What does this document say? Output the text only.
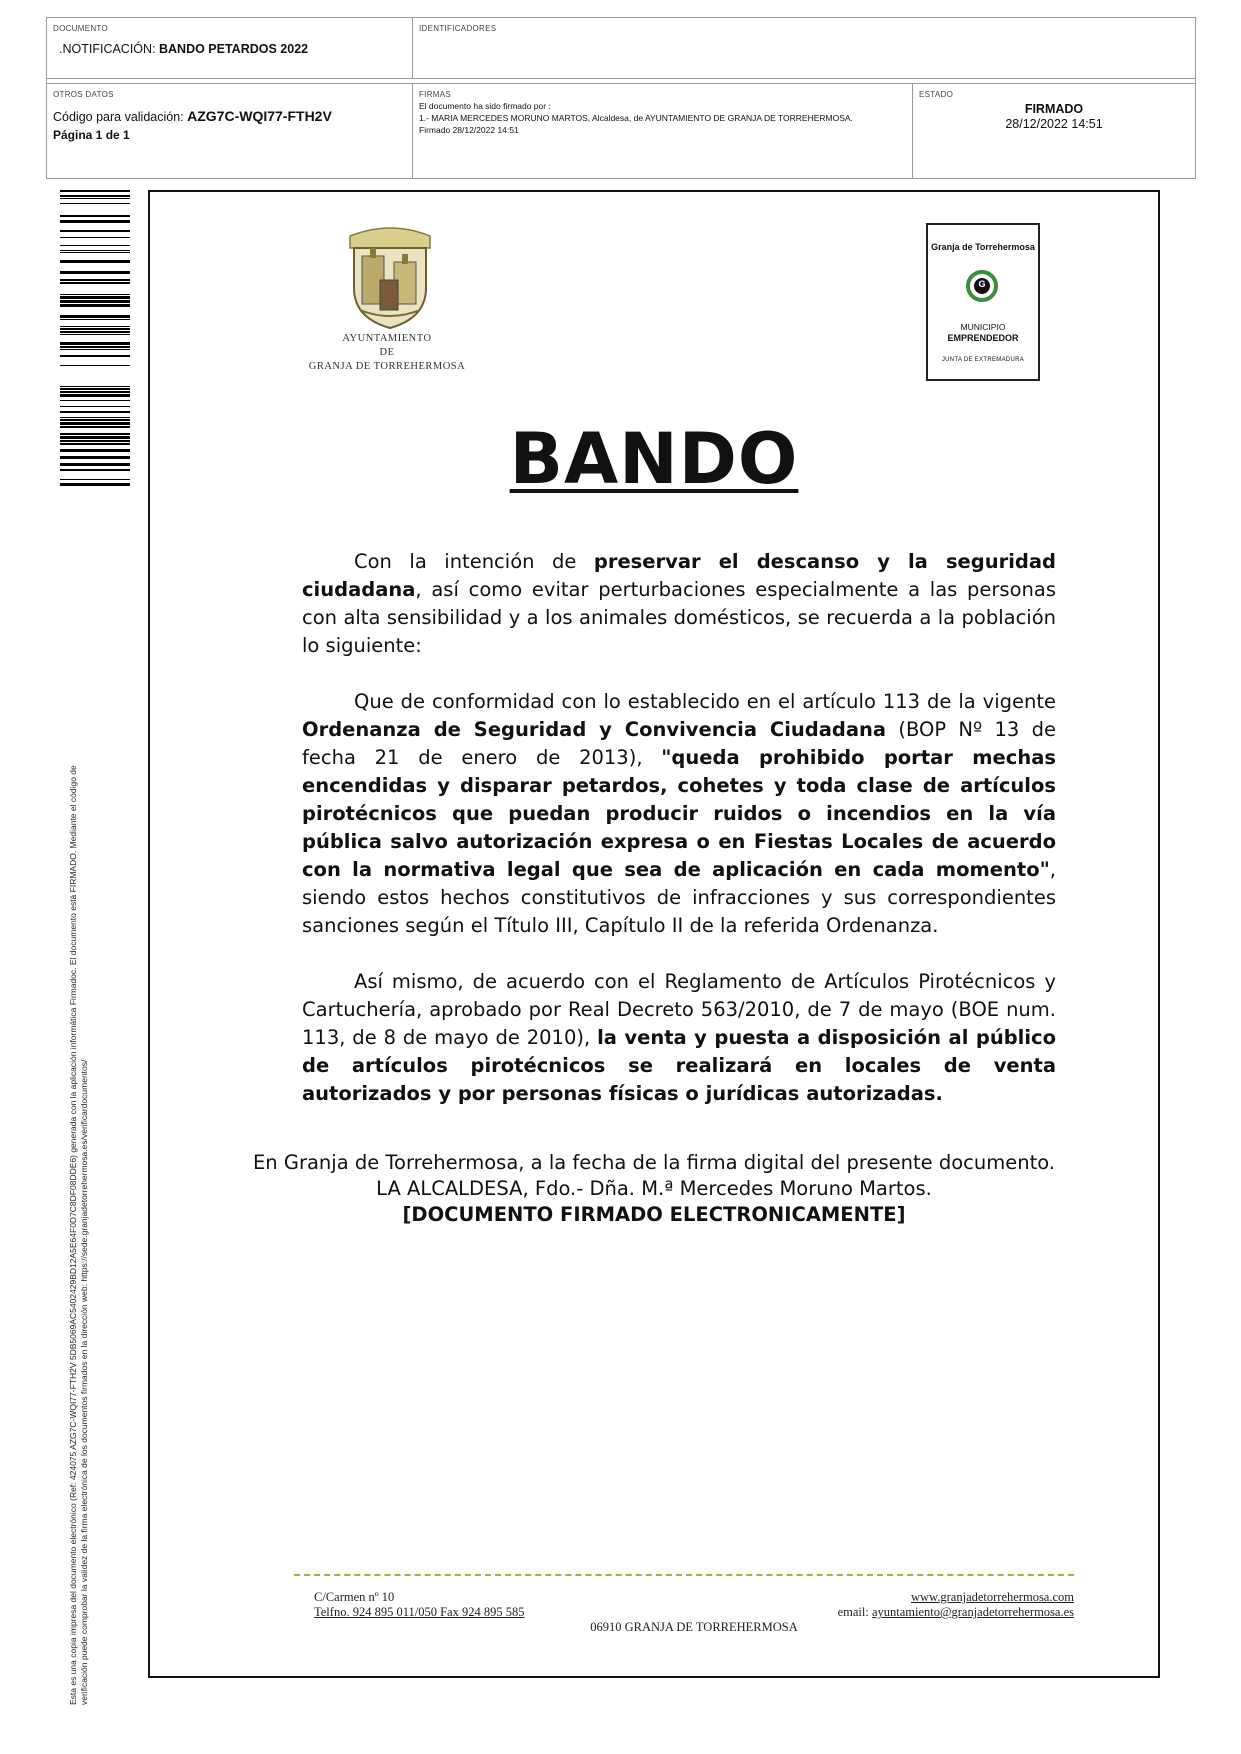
DOCUMENTO
.NOTIFICACIÓN: BANDO PETARDOS 2022
IDENTIFICADORES
OTROS DATOS
Código para validación: AZG7C-WQI77-FTH2V
Página 1 de 1
FIRMAS
El documento ha sido firmado por :
1.- MARIA MERCEDES MORUNO MARTOS, Alcaldesa, de AYUNTAMIENTO DE GRANJA DE TORREHERMOSA.
Firmado 28/12/2022 14:51
ESTADO
FIRMADO
28/12/2022 14:51
Esta es una copia impresa del documento electrónico (Ref: 424075 AZG7C-WQI77-FTH2V 5DB5069AC5402429BD12A5E64F0D7C8DF08DDE6) generada con la aplicación informática Firmadoc. El documento está FIRMADO. Mediante el código de verificación puede comprobar la validez de la firma electrónica de los documentos firmados en la dirección web: https://sede.granjadetorrehermosa.es/verificardocumentos/
AYUNTAMIENTO
DE
GRANJA DE TORREHERMOSA
Granja de Torrehermosa
G
MUNICIPIO
EMPRENDEDOR
JUNTA DE EXTREMADURA
BANDO

Con la intención de preservar el descanso y la seguridad ciudadana, así como evitar perturbaciones especialmente a las personas con alta sensibilidad y a los animales domésticos, se recuerda a la población lo siguiente:

Que de conformidad con lo establecido en el artículo 113 de la vigente Ordenanza de Seguridad y Convivencia Ciudadana (BOP Nº 13 de fecha 21 de enero de 2013), "queda prohibido portar mechas encendidas y disparar petardos, cohetes y toda clase de artículos pirotécnicos que puedan producir ruidos o incendios en la vía pública salvo autorización expresa o en Fiestas Locales de acuerdo con la normativa legal que sea de aplicación en cada momento", siendo estos hechos constitutivos de infracciones y sus correspondientes sanciones según el Título III, Capítulo II de la referida Ordenanza.

Así mismo, de acuerdo con el Reglamento de Artículos Pirotécnicos y Cartuchería, aprobado por Real Decreto 563/2010, de 7 de mayo (BOE num. 113, de 8 de mayo de 2010), la venta y puesta a disposición al público de artículos pirotécnicos se realizará en locales de venta autorizados y por personas físicas o jurídicas autorizadas.

En Granja de Torrehermosa, a la fecha de la firma digital del presente documento.
LA ALCALDESA, Fdo.- Dña. M.ª Mercedes Moruno Martos.
[DOCUMENTO FIRMADO ELECTRONICAMENTE]
C/Carmen nº 10	www.granjadetorrehermosa.com
Telfno. 924 895 011/050 Fax 924 895 585	email: ayuntamiento@granjadetorrehermosa.es
06910 GRANJA DE TORREHERMOSA
